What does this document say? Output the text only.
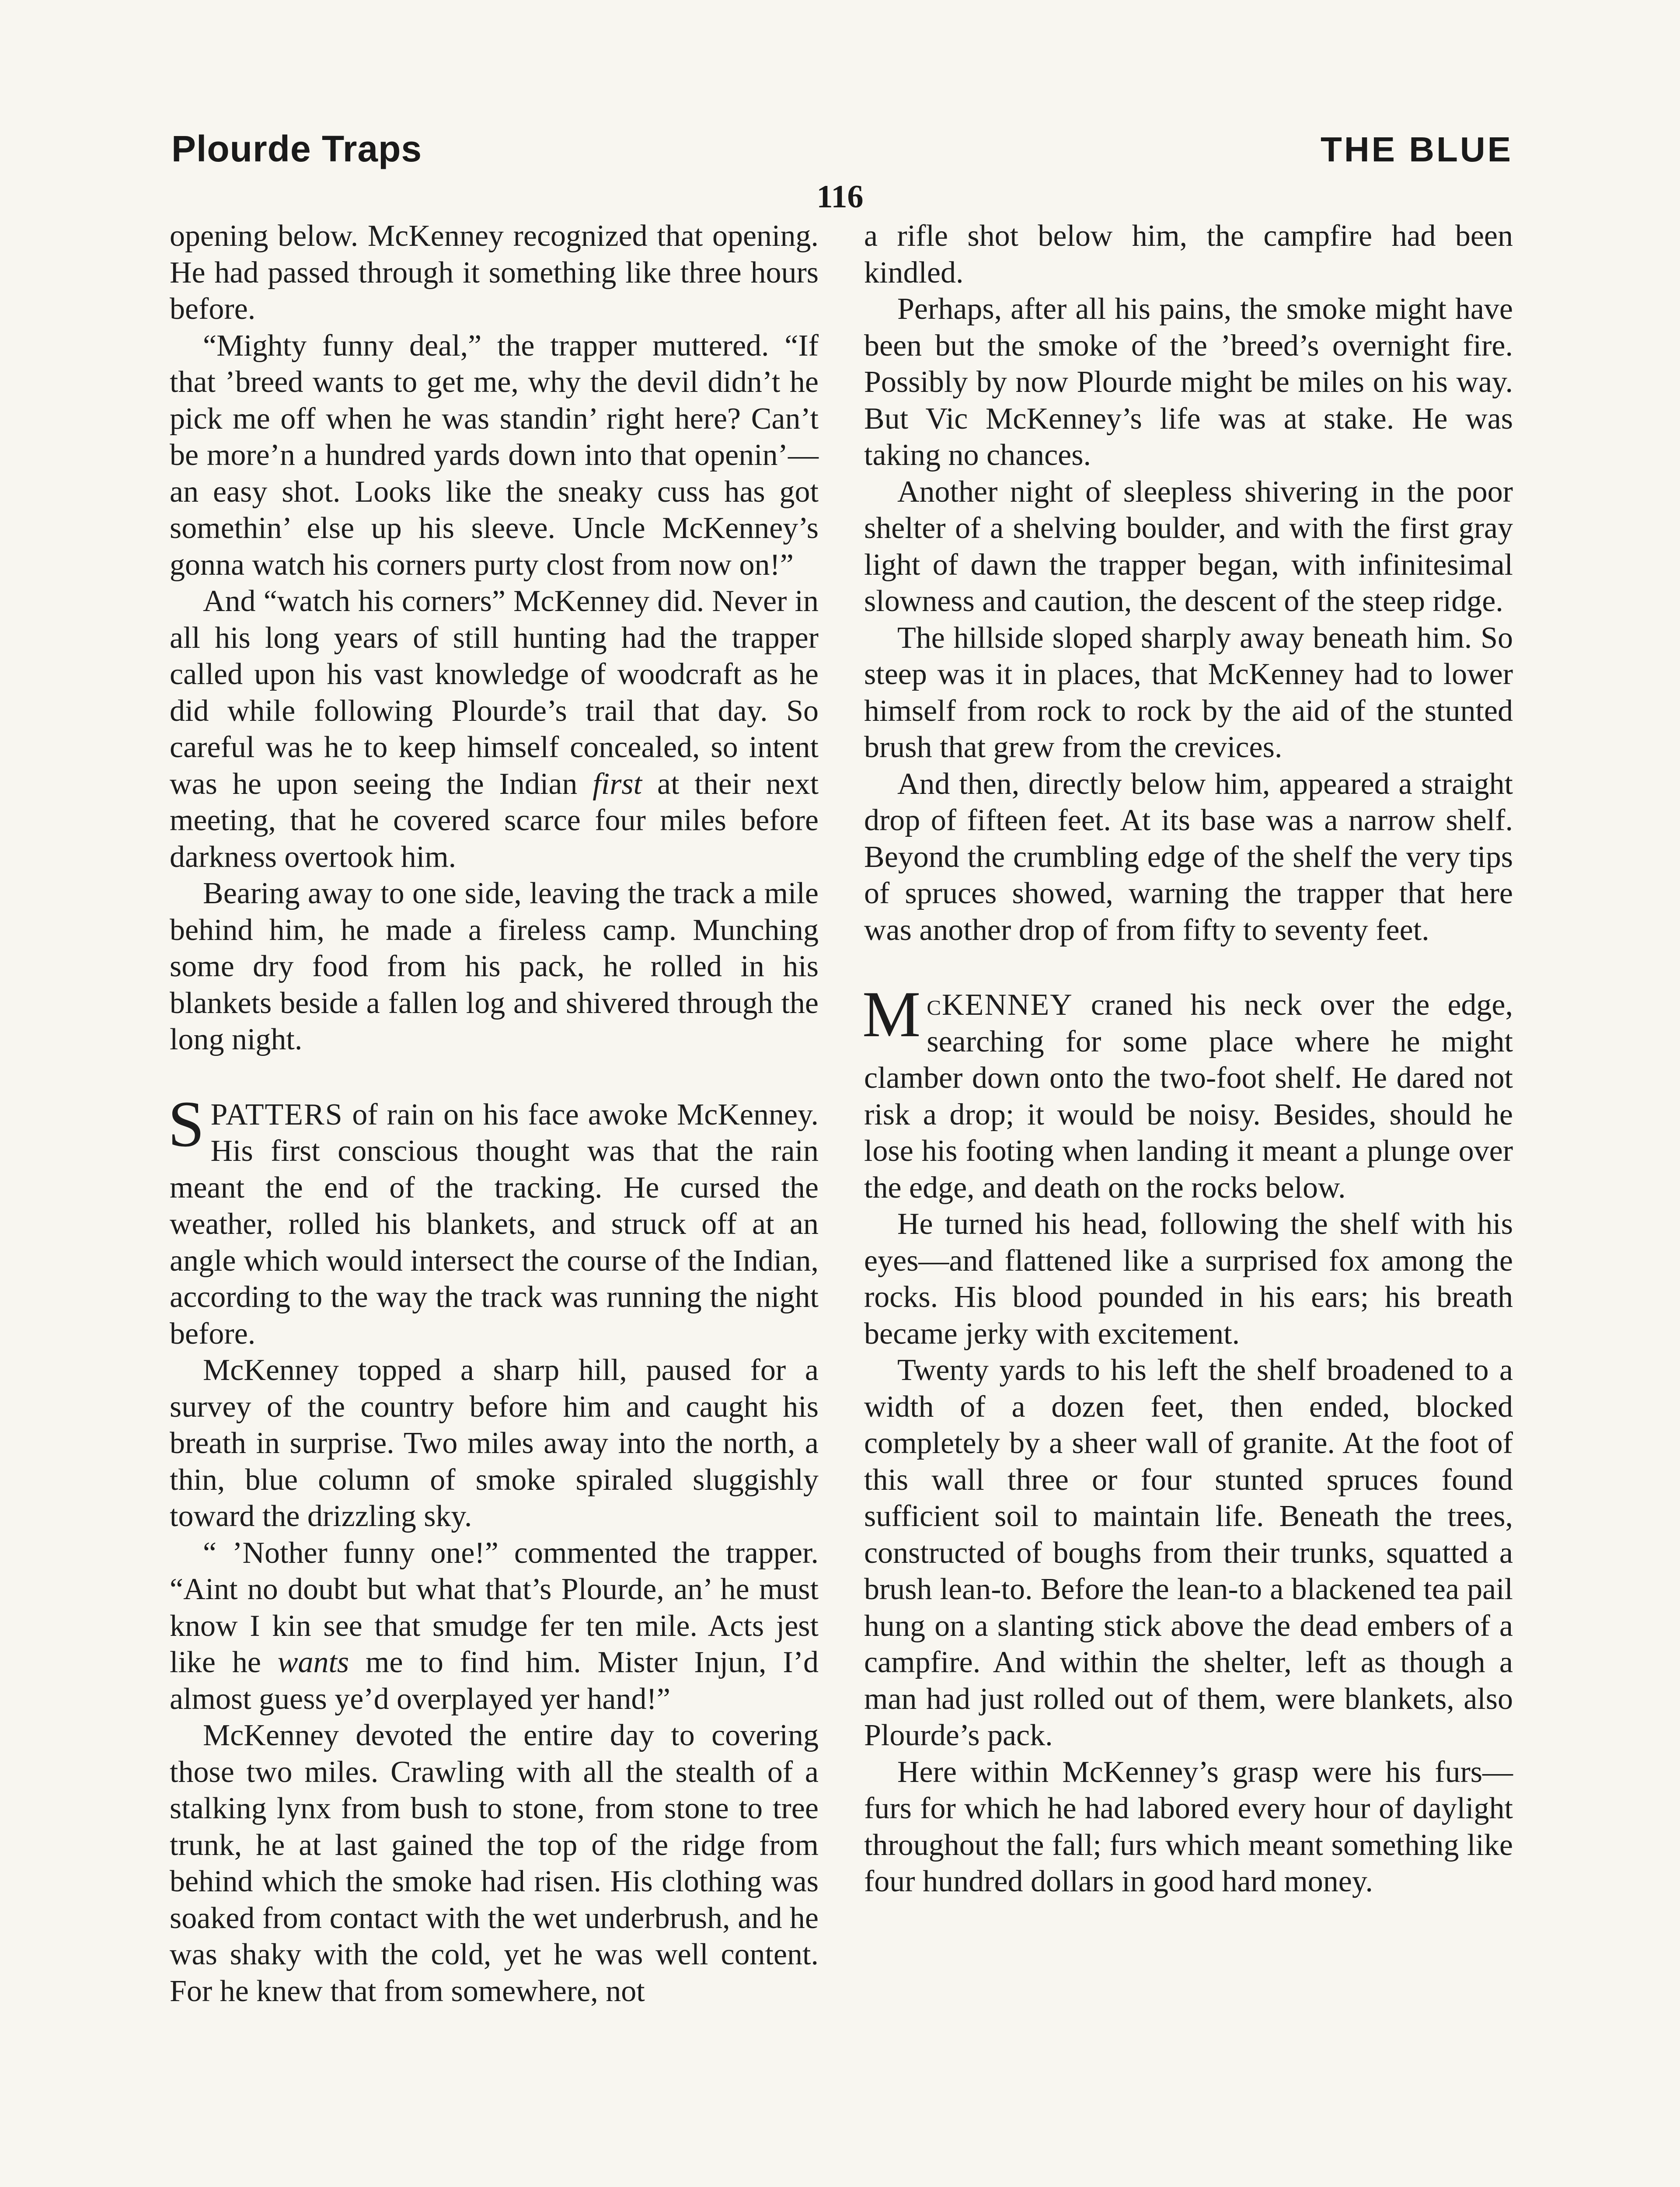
Plourde Traps	THE BLUE
116

opening below. McKenney recognized that opening. He had passed through it something like three hours before.

“Mighty funny deal,” the trapper muttered. “If that ’breed wants to get me, why the devil didn’t he pick me off when he was standin’ right here? Can’t be more’n a hundred yards down into that openin’—an easy shot. Looks like the sneaky cuss has got somethin’ else up his sleeve. Uncle McKenney’s gonna watch his corners purty clost from now on!”

And “watch his corners” McKenney did. Never in all his long years of still hunting had the trapper called upon his vast knowledge of woodcraft as he did while following Plourde’s trail that day. So careful was he to keep himself concealed, so intent was he upon seeing the Indian first at their next meeting, that he covered scarce four miles before darkness overtook him.

Bearing away to one side, leaving the track a mile behind him, he made a fireless camp. Munching some dry food from his pack, he rolled in his blankets beside a fallen log and shivered through the long night.

SPATTERS of rain on his face awoke McKenney. His first conscious thought was that the rain meant the end of the tracking. He cursed the weather, rolled his blankets, and struck off at an angle which would intersect the course of the Indian, according to the way the track was running the night before.

McKenney topped a sharp hill, paused for a survey of the country before him and caught his breath in surprise. Two miles away into the north, a thin, blue column of smoke spiraled sluggishly toward the drizzling sky.

“ ’Nother funny one!” commented the trapper. “Aint no doubt but what that’s Plourde, an’ he must know I kin see that smudge fer ten mile. Acts jest like he wants me to find him. Mister Injun, I’d almost guess ye’d overplayed yer hand!”

McKenney devoted the entire day to covering those two miles. Crawling with all the stealth of a stalking lynx from bush to stone, from stone to tree trunk, he at last gained the top of the ridge from behind which the smoke had risen. His clothing was soaked from contact with the wet underbrush, and he was shaky with the cold, yet he was well content. For he knew that from somewhere, not

a rifle shot below him, the campfire had been kindled.

Perhaps, after all his pains, the smoke might have been but the smoke of the ’breed’s overnight fire. Possibly by now Plourde might be miles on his way. But Vic McKenney’s life was at stake. He was taking no chances.

Another night of sleepless shivering in the poor shelter of a shelving boulder, and with the first gray light of dawn the trapper began, with infinitesimal slowness and caution, the descent of the steep ridge.

The hillside sloped sharply away beneath him. So steep was it in places, that McKenney had to lower himself from rock to rock by the aid of the stunted brush that grew from the crevices.

And then, directly below him, appeared a straight drop of fifteen feet. At its base was a narrow shelf. Beyond the crumbling edge of the shelf the very tips of spruces showed, warning the trapper that here was another drop of from fifty to seventy feet.

McKENNEY craned his neck over the edge, searching for some place where he might clamber down onto the two-foot shelf. He dared not risk a drop; it would be noisy. Besides, should he lose his footing when landing it meant a plunge over the edge, and death on the rocks below.

He turned his head, following the shelf with his eyes—and flattened like a surprised fox among the rocks. His blood pounded in his ears; his breath became jerky with excitement.

Twenty yards to his left the shelf broadened to a width of a dozen feet, then ended, blocked completely by a sheer wall of granite. At the foot of this wall three or four stunted spruces found sufficient soil to maintain life. Beneath the trees, constructed of boughs from their trunks, squatted a brush lean-to. Before the lean-to a blackened tea pail hung on a slanting stick above the dead embers of a campfire. And within the shelter, left as though a man had just rolled out of them, were blankets, also Plourde’s pack.

Here within McKenney’s grasp were his furs—furs for which he had labored every hour of daylight throughout the fall; furs which meant something like four hundred dollars in good hard money.
